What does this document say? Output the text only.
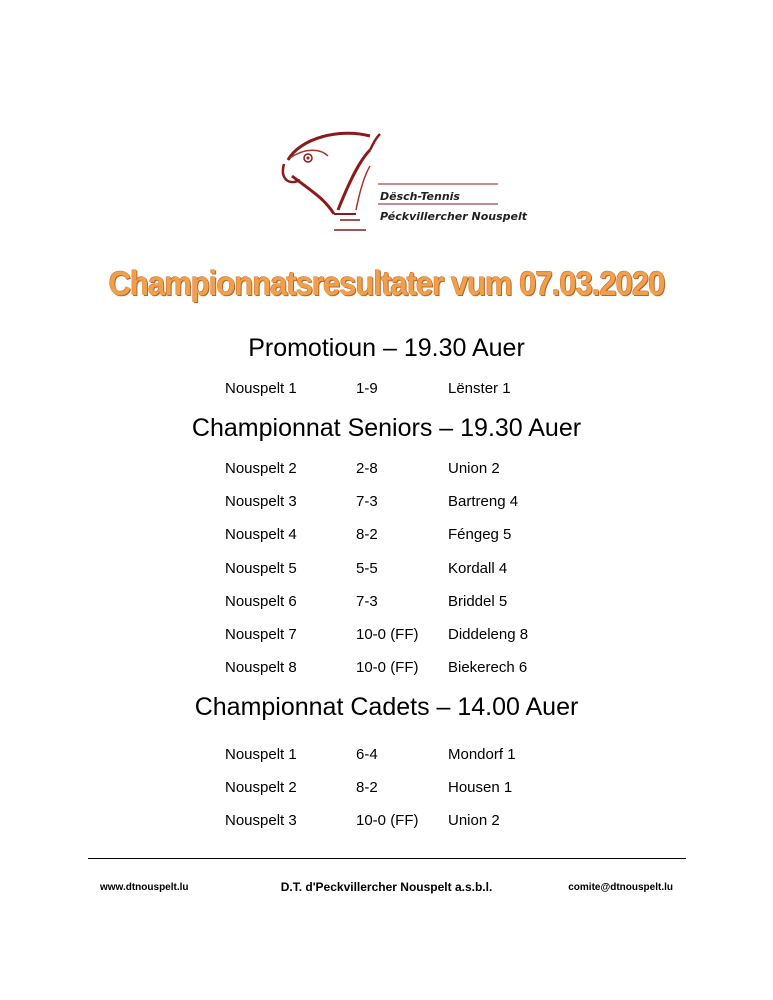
Dësch-Tennis
Péckvillercher Nouspelt
Championnatsresultater vum 07.03.2020
Promotioun – 19.30 Auer
Nouspelt 1	1-9	Lënster 1
Championnat Seniors – 19.30 Auer
Nouspelt 2	2-8	Union 2
Nouspelt 3	7-3	Bartreng 4
Nouspelt 4	8-2	Féngeg 5
Nouspelt 5	5-5	Kordall 4
Nouspelt 6	7-3	Briddel 5
Nouspelt 7	10-0 (FF) Diddeleng 8
Nouspelt 8	10-0 (FF) Biekerech 6
Championnat Cadets – 14.00 Auer
Nouspelt 1	6-4	Mondorf 1
Nouspelt 2	8-2	Housen 1
Nouspelt 3	10-0 (FF) Union 2
www.dtnouspelt.lu	D.T. d'Peckvillercher Nouspelt a.s.b.l.	comite@dtnouspelt.lu
